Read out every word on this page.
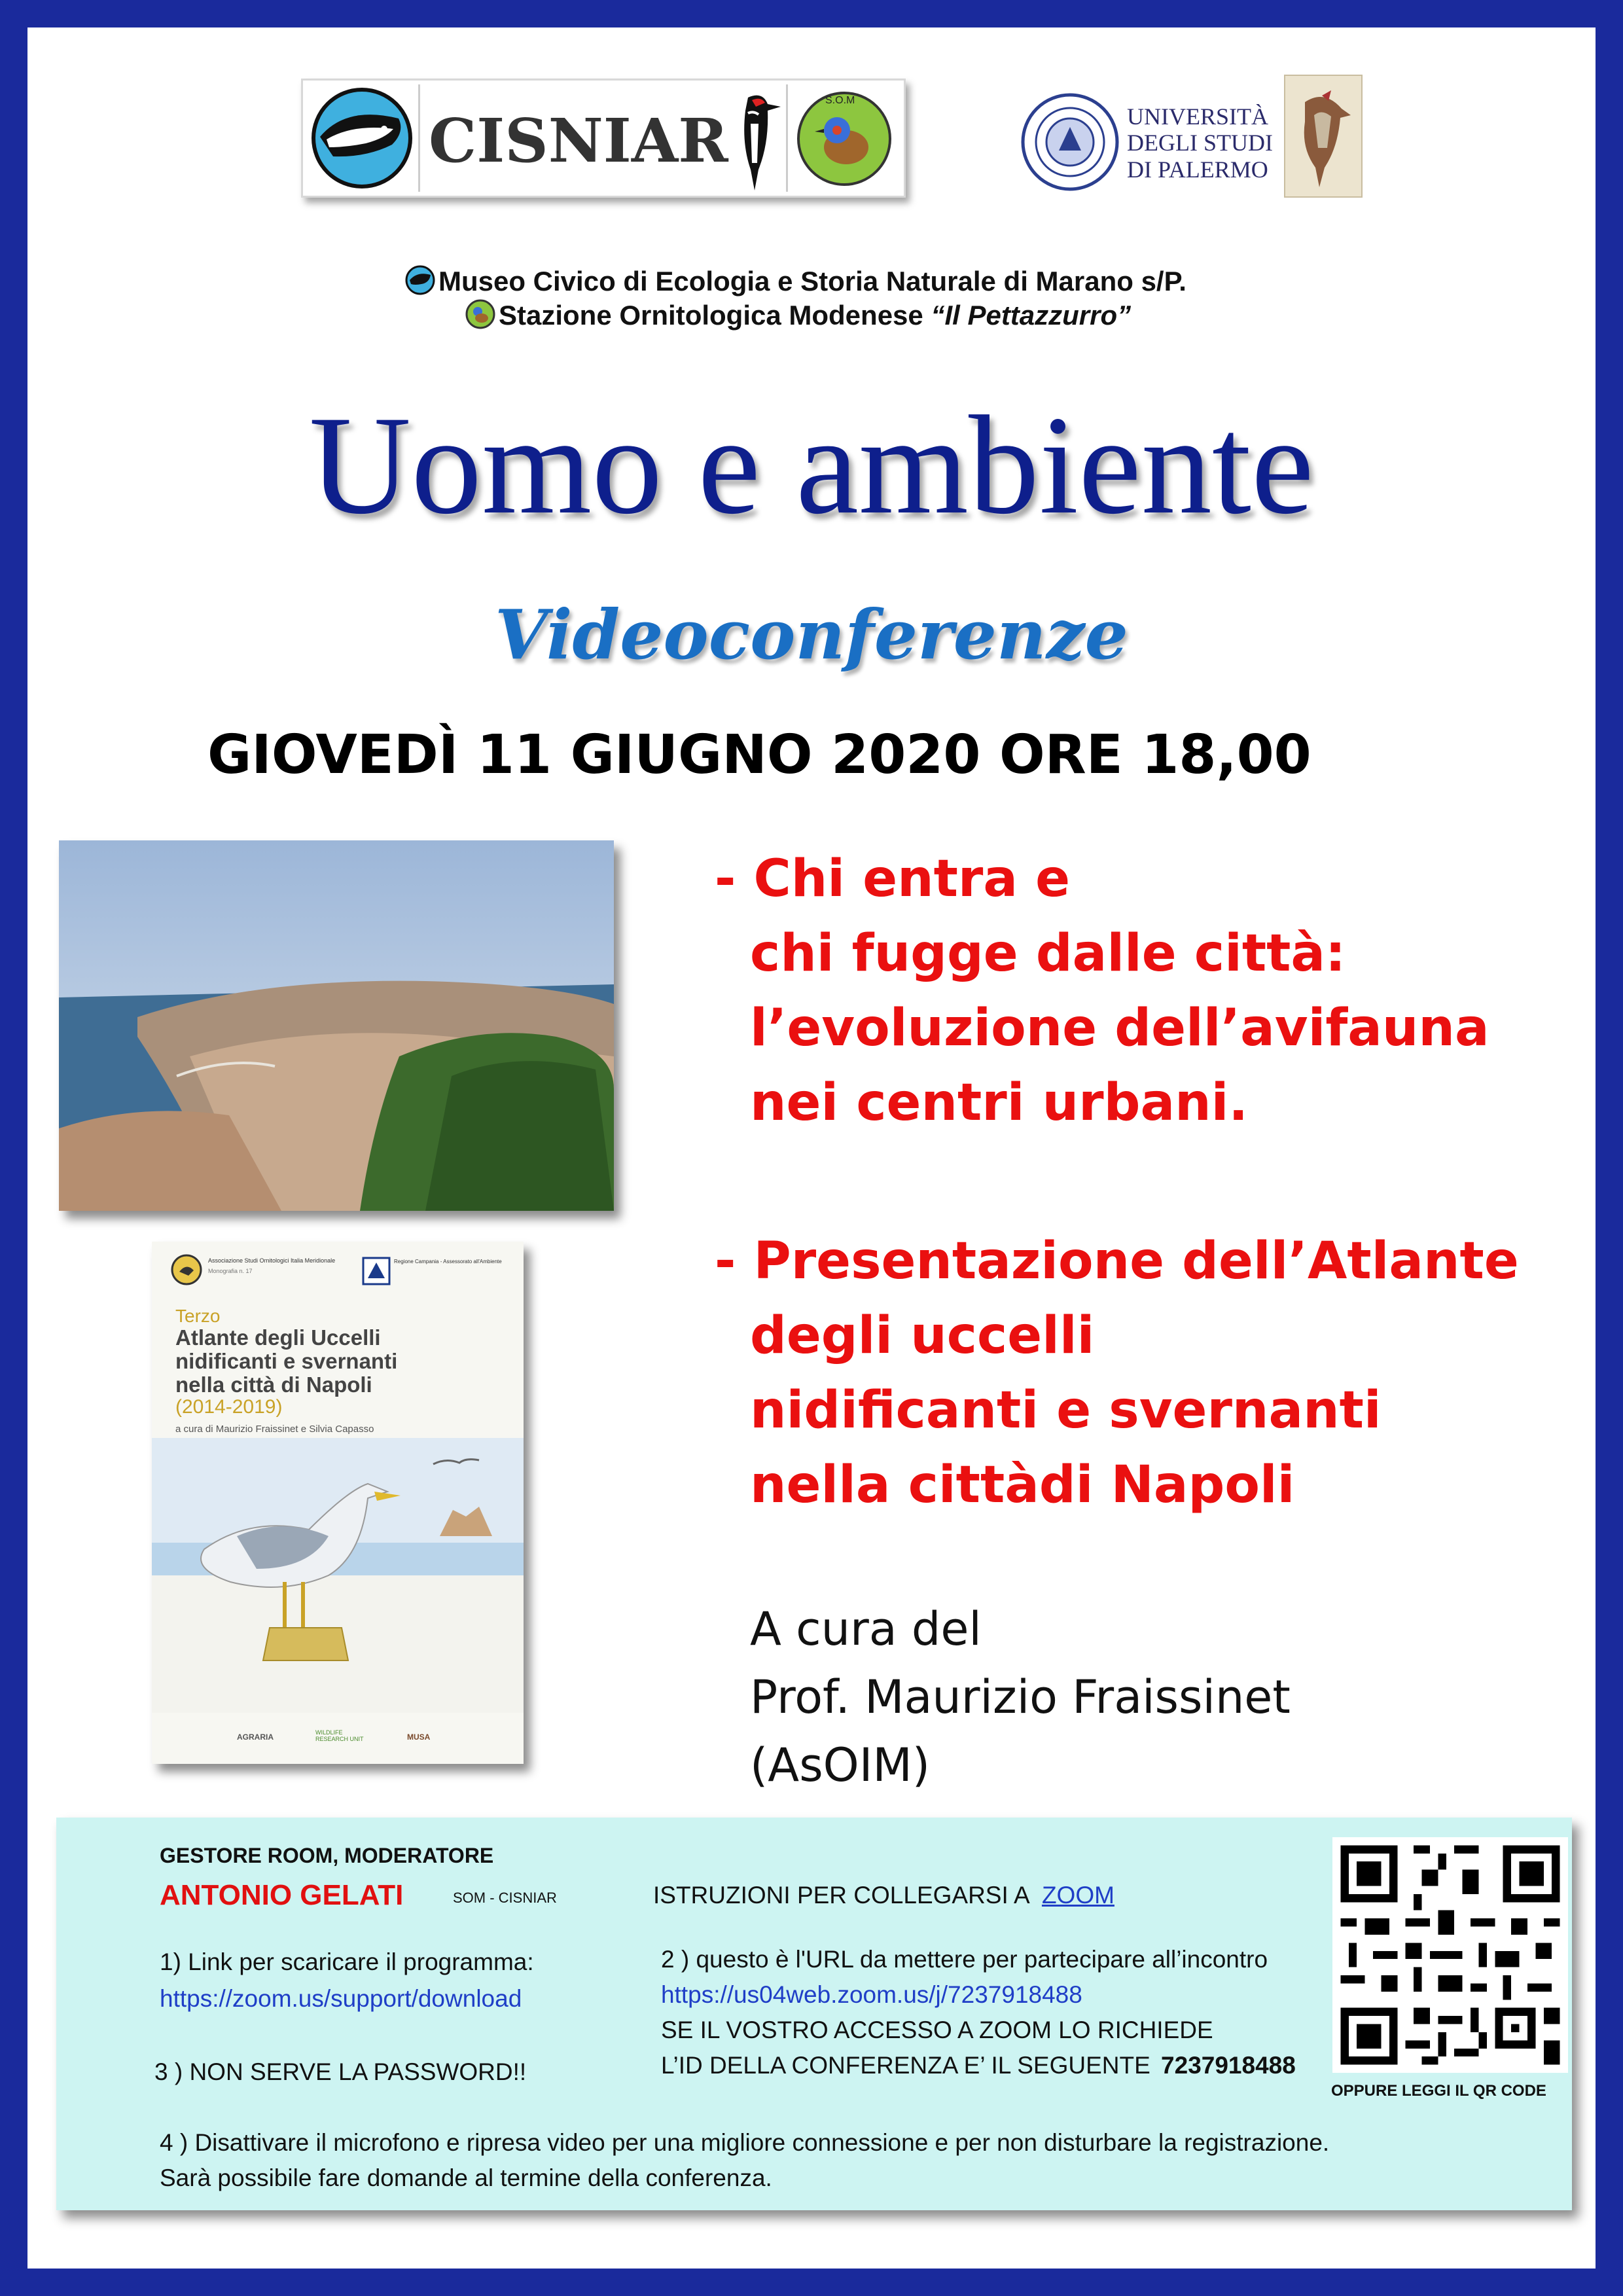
CISNIAR
S.O.M
UNIVERSITÀ
DEGLI STUDI
DI PALERMO
Museo Civico di Ecologia e Storia Naturale di Marano s/P.
Stazione Ornitologica Modenese “Il Pettazzurro”
Uomo e ambiente
Videoconferenze
GIOVEDÌ 11 GIUGNO 2020 ORE 18,00
Associazione Studi Ornitologici Italia Meridionale
Monografia n. 17
Regione Campania - Assessorato all'Ambiente
Terzo
Atlante degli Uccelli
nidificanti e svernanti
nella città di Napoli
(2014-2019)
a cura di Maurizio Fraissinet e Silvia Capasso
AGRARIA	WILDLIFE RESEARCH UNIT	MUSA
- Chi entra e
chi fugge dalle città:
l’evoluzione dell’avifauna
nei centri urbani.
- Presentazione dell’Atlante
degli uccelli
nidificanti e svernanti
nella cittàdi Napoli
A cura del
Prof. Maurizio Fraissinet
(AsOIM)
GESTORE ROOM, MODERATORE
ANTONIO GELATI	SOM - CISNIAR	ISTRUZIONI PER COLLEGARSI A ZOOM
1) Link per scaricare il programma:
https://zoom.us/support/download
2 ) questo è l'URL da mettere per partecipare all’incontro
https://us04web.zoom.us/j/7237918488
SE IL VOSTRO ACCESSO A ZOOM LO RICHIEDE
L’ID DELLA CONFERENZA E’ IL SEGUENTE 7237918488
3 ) NON SERVE LA PASSWORD!!
OPPURE LEGGI IL QR CODE
4 ) Disattivare il microfono e ripresa video per una migliore connessione e per non disturbare la registrazione.
Sarà possibile fare domande al termine della conferenza.
